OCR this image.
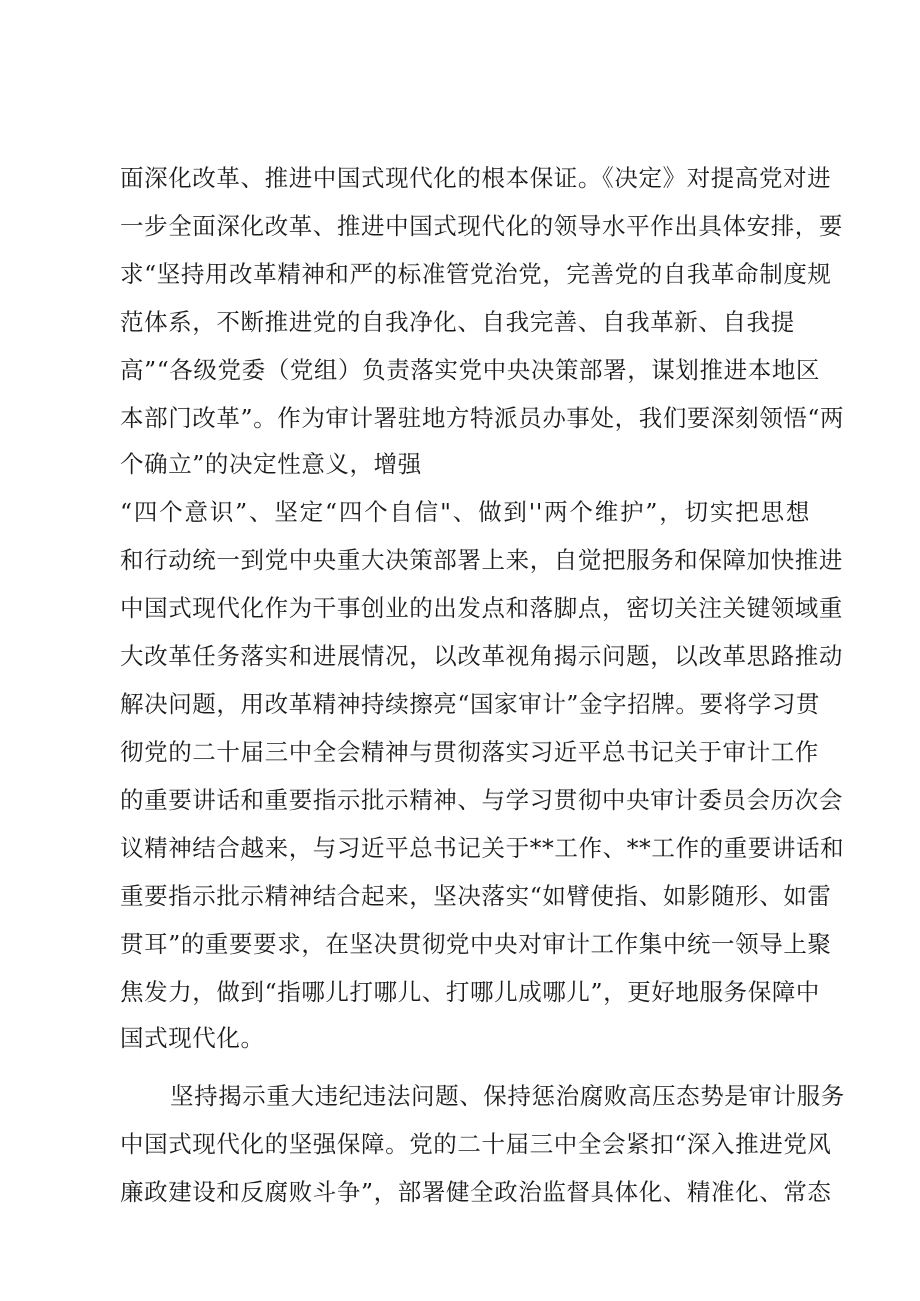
面深化改革、推进中国式现代化的根本保证。《决定》对提高党对进
一步全面深化改革、推进中国式现代化的领导水平作出具体安排，要
求“坚持用改革精神和严的标准管党治党，完善党的自我革命制度规
范体系，不断推进党的自我净化、自我完善、自我革新、自我提
高”“各级党委（党组）负责落实党中央决策部署，谋划推进本地区
本部门改革”。作为审计署驻地方特派员办事处，我们要深刻领悟“两
个确立”的决定性意义，增强
“四个意识”、坚定“四个自信"、做到''两个维护”，切实把思想
和行动统一到党中央重大决策部署上来，自觉把服务和保障加快推进
中国式现代化作为干事创业的出发点和落脚点，密切关注关键领域重
大改革任务落实和进展情况，以改革视角揭示问题，以改革思路推动
解决问题，用改革精神持续擦亮“国家审计”金字招牌。要将学习贯
彻党的二十届三中全会精神与贯彻落实习近平总书记关于审计工作
的重要讲话和重要指示批示精神、与学习贯彻中央审计委员会历次会
议精神结合越来，与习近平总书记关于**工作、**工作的重要讲话和
重要指示批示精神结合起来，坚决落实“如臂使指、如影随形、如雷
贯耳”的重要要求，在坚决贯彻党中央对审计工作集中统一领导上聚
焦发力，做到“指哪儿打哪儿、打哪儿成哪儿”，更好地服务保障中
国式现代化。
坚持揭示重大违纪违法问题、保持惩治腐败高压态势是审计服务
中国式现代化的坚强保障。党的二十届三中全会紧扣“深入推进党风
廉政建设和反腐败斗争”，部署健全政治监督具体化、精准化、常态
